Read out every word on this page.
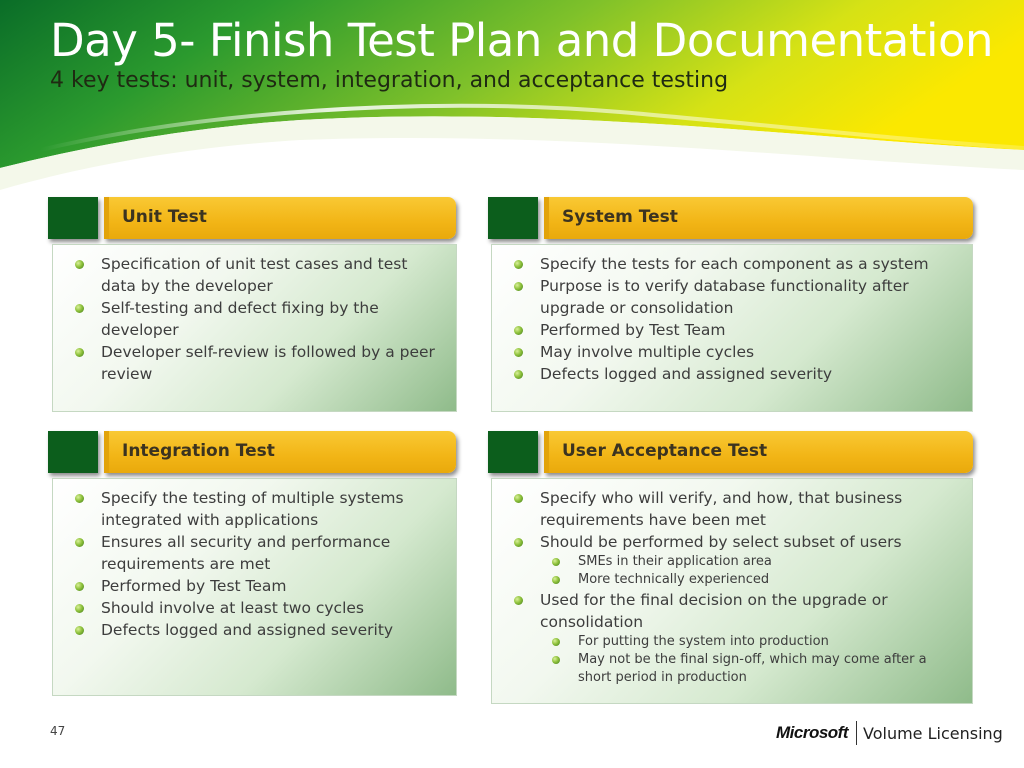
Day 5- Finish Test Plan and Documentation
4 key tests: unit, system, integration, and acceptance testing
Unit Test
Specification of unit test cases and test data by the developer
Self-testing and defect fixing by the developer
Developer self-review is followed by a peer review
System Test
Specify the tests for each component as a system
Purpose is to verify database functionality after upgrade or consolidation
Performed by Test Team
May involve multiple cycles
Defects logged and assigned severity
Integration Test
Specify the testing of multiple systems integrated with applications
Ensures all security and performance requirements are met
Performed by Test Team
Should involve at least two cycles
Defects logged and assigned severity
User Acceptance Test
Specify who will verify, and how, that business requirements have been met
Should be performed by select subset of users
SMEs in their application area
More technically experienced
Used for the final decision on the upgrade or consolidation
For putting the system into production
May not be the final sign-off, which may come after a short period in production
47	Microsoft Volume Licensing
